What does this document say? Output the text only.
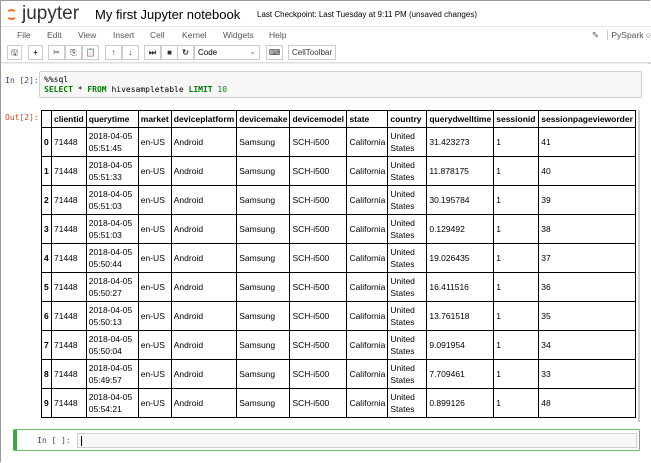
jupyter My first Jupyter notebook Last Checkpoint: Last Tuesday at 9:11 PM (unsaved changes)
File Edit View Insert Cell Kernel Widgets Help	✎	PySpark ○
🖫	+	✂	⎘	📋	↑	↓	⏭	■	↻	Code	⌄	⌨	CellToolbar
In [2]: %%sql
SELECT * FROM hivesampletable LIMIT 10
Out[2]:
	clientid	querytime	market	deviceplatform	devicemake	devicemodel	state	country	querydwelltime	sessionid	sessionpagevieworder
0	71448	2018-04-05 05:51:45	en-US	Android	Samsung	SCH-i500	California	United States	31.423273	1	41
1	71448	2018-04-05 05:51:33	en-US	Android	Samsung	SCH-i500	California	United States	11.878175	1	40
2	71448	2018-04-05 05:51:03	en-US	Android	Samsung	SCH-i500	California	United States	30.195784	1	39
3	71448	2018-04-05 05:51:03	en-US	Android	Samsung	SCH-i500	California	United States	0.129492	1	38
4	71448	2018-04-05 05:50:44	en-US	Android	Samsung	SCH-i500	California	United States	19.026435	1	37
5	71448	2018-04-05 05:50:27	en-US	Android	Samsung	SCH-i500	California	United States	16.411516	1	36
6	71448	2018-04-05 05:50:13	en-US	Android	Samsung	SCH-i500	California	United States	13.761518	1	35
7	71448	2018-04-05 05:50:04	en-US	Android	Samsung	SCH-i500	California	United States	9.091954	1	34
8	71448	2018-04-05 05:49:57	en-US	Android	Samsung	SCH-i500	California	United States	7.709461	1	33
9	71448	2018-04-05 05:54:21	en-US	Android	Samsung	SCH-i500	California	United States	0.899126	1	48
In [ ]:
